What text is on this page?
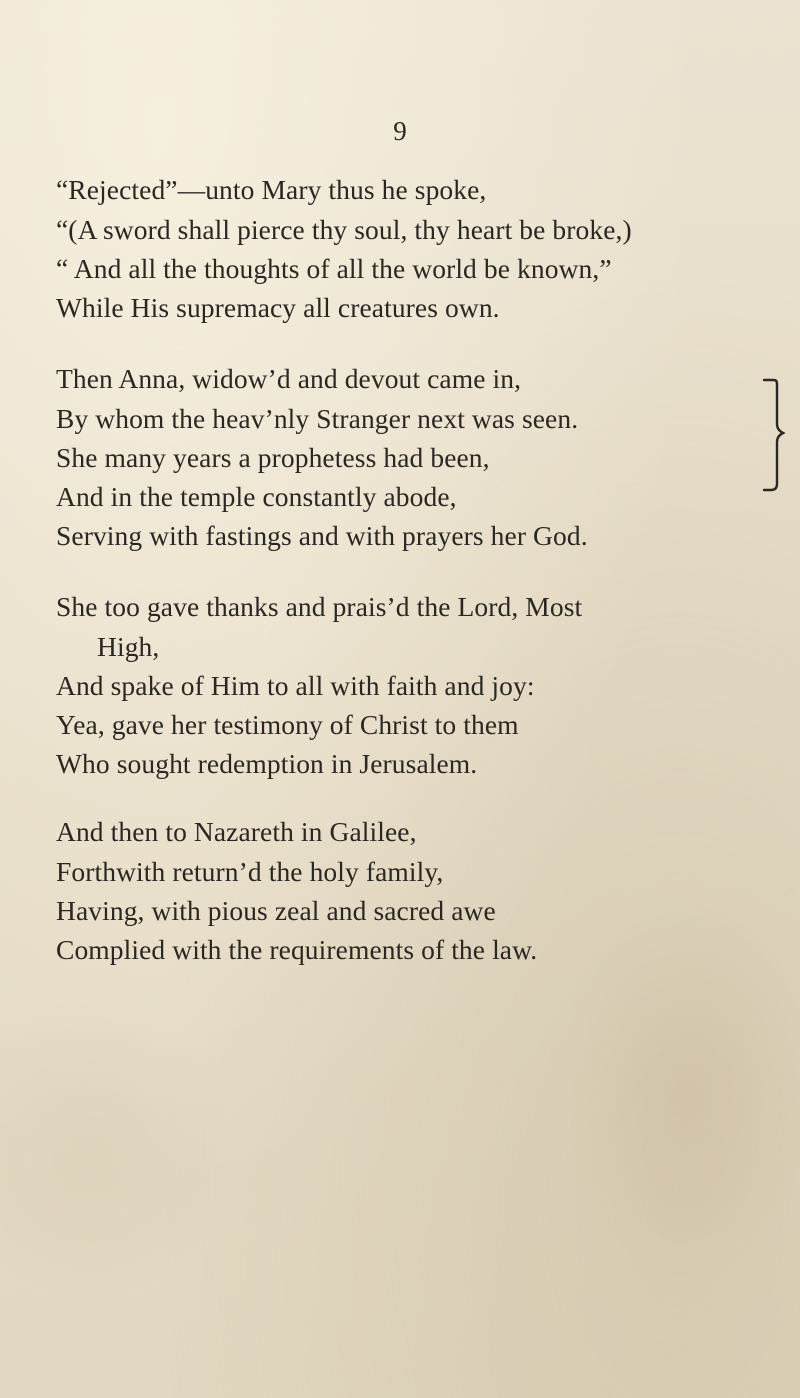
9
“Rejected”—unto Mary thus he spoke,
“(A sword shall pierce thy soul, thy heart be broke,)
“ And all the thoughts of all the world be known,”
While His supremacy all creatures own.
Then Anna, widow’d and devout came in,
By whom the heav’nly Stranger next was seen.
She many years a prophetess had been,
And in the temple constantly abode,
Serving with fastings and with prayers her God.
She too gave thanks and prais’d the Lord, Most
High,
And spake of Him to all with faith and joy:
Yea, gave her testimony of Christ to them
Who sought redemption in Jerusalem.
And then to Nazareth in Galilee,
Forthwith return’d the holy family,
Having, with pious zeal and sacred awe
Complied with the requirements of the law.
